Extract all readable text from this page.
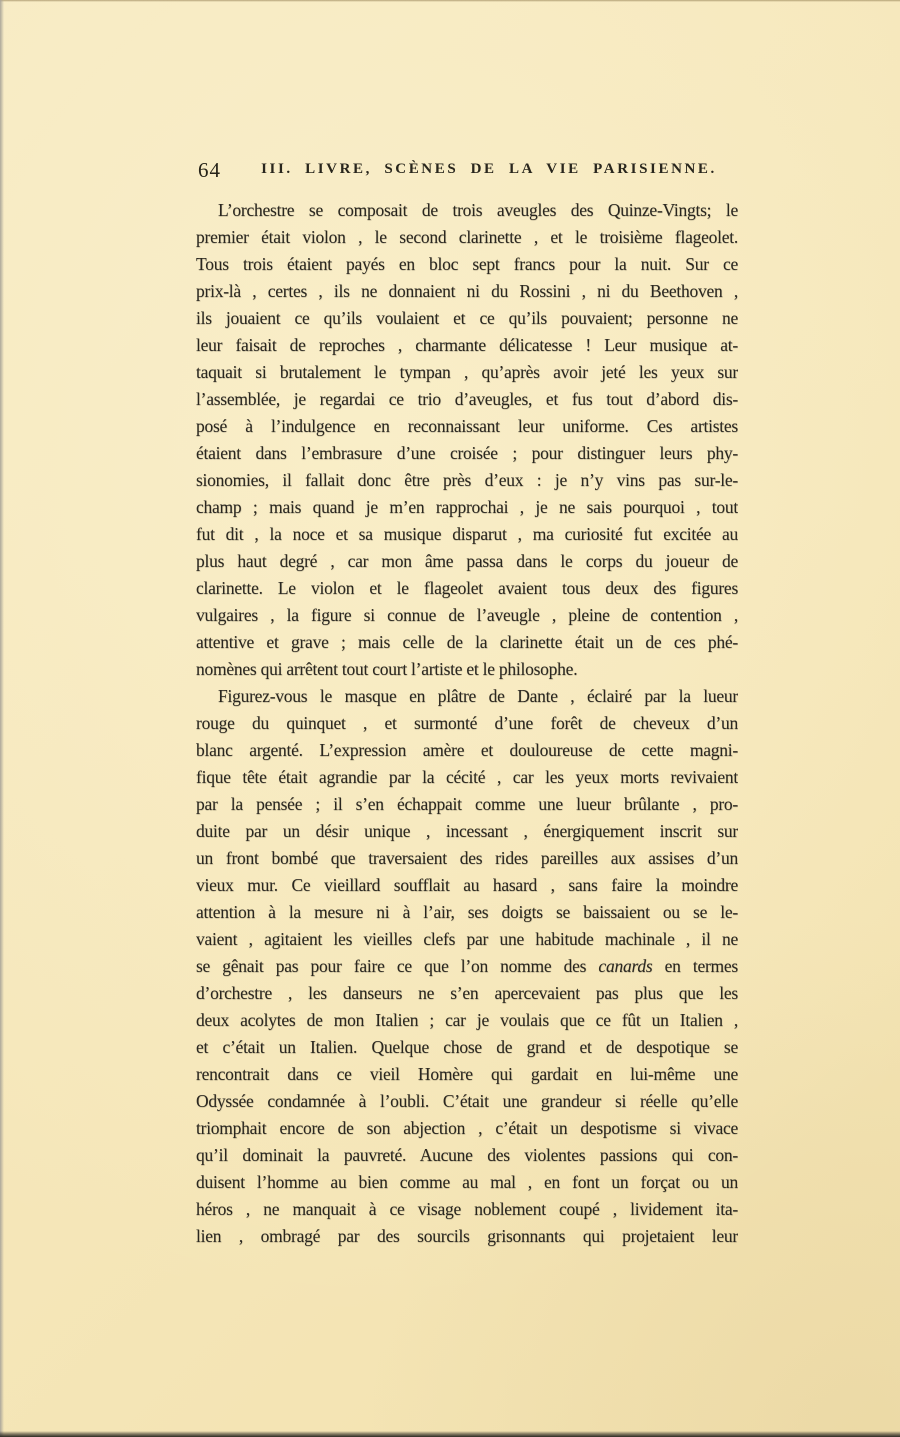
64	III. LIVRE, SCÈNES DE LA VIE PARISIENNE.
L’orchestre se composait de trois aveugles des Quinze-Vingts; le
premier était violon , le second clarinette , et le troisième flageolet.
Tous trois étaient payés en bloc sept francs pour la nuit. Sur ce
prix-là , certes , ils ne donnaient ni du Rossini , ni du Beethoven ,
ils jouaient ce qu’ils voulaient et ce qu’ils pouvaient; personne ne
leur faisait de reproches , charmante délicatesse ! Leur musique at-
taquait si brutalement le tympan , qu’après avoir jeté les yeux sur
l’assemblée, je regardai ce trio d’aveugles, et fus tout d’abord dis-
posé à l’indulgence en reconnaissant leur uniforme. Ces artistes
étaient dans l’embrasure d’une croisée ; pour distinguer leurs phy-
sionomies, il fallait donc être près d’eux : je n’y vins pas sur-le-
champ ; mais quand je m’en rapprochai , je ne sais pourquoi , tout
fut dit , la noce et sa musique disparut , ma curiosité fut excitée au
plus haut degré , car mon âme passa dans le corps du joueur de
clarinette. Le violon et le flageolet avaient tous deux des figures
vulgaires , la figure si connue de l’aveugle , pleine de contention ,
attentive et grave ; mais celle de la clarinette était un de ces phé-
nomènes qui arrêtent tout court l’artiste et le philosophe.
Figurez-vous le masque en plâtre de Dante , éclairé par la lueur
rouge du quinquet , et surmonté d’une forêt de cheveux d’un
blanc argenté. L’expression amère et douloureuse de cette magni-
fique tête était agrandie par la cécité , car les yeux morts revivaient
par la pensée ; il s’en échappait comme une lueur brûlante , pro-
duite par un désir unique , incessant , énergiquement inscrit sur
un front bombé que traversaient des rides pareilles aux assises d’un
vieux mur. Ce vieillard soufflait au hasard , sans faire la moindre
attention à la mesure ni à l’air, ses doigts se baissaient ou se le-
vaient , agitaient les vieilles clefs par une habitude machinale , il ne
se gênait pas pour faire ce que l’on nomme des canards en termes
d’orchestre , les danseurs ne s’en apercevaient pas plus que les
deux acolytes de mon Italien ; car je voulais que ce fût un Italien ,
et c’était un Italien. Quelque chose de grand et de despotique se
rencontrait dans ce vieil Homère qui gardait en lui-même une
Odyssée condamnée à l’oubli. C’était une grandeur si réelle qu’elle
triomphait encore de son abjection , c’était un despotisme si vivace
qu’il dominait la pauvreté. Aucune des violentes passions qui con-
duisent l’homme au bien comme au mal , en font un forçat ou un
héros , ne manquait à ce visage noblement coupé , lividement ita-
lien , ombragé par des sourcils grisonnants qui projetaient leur
